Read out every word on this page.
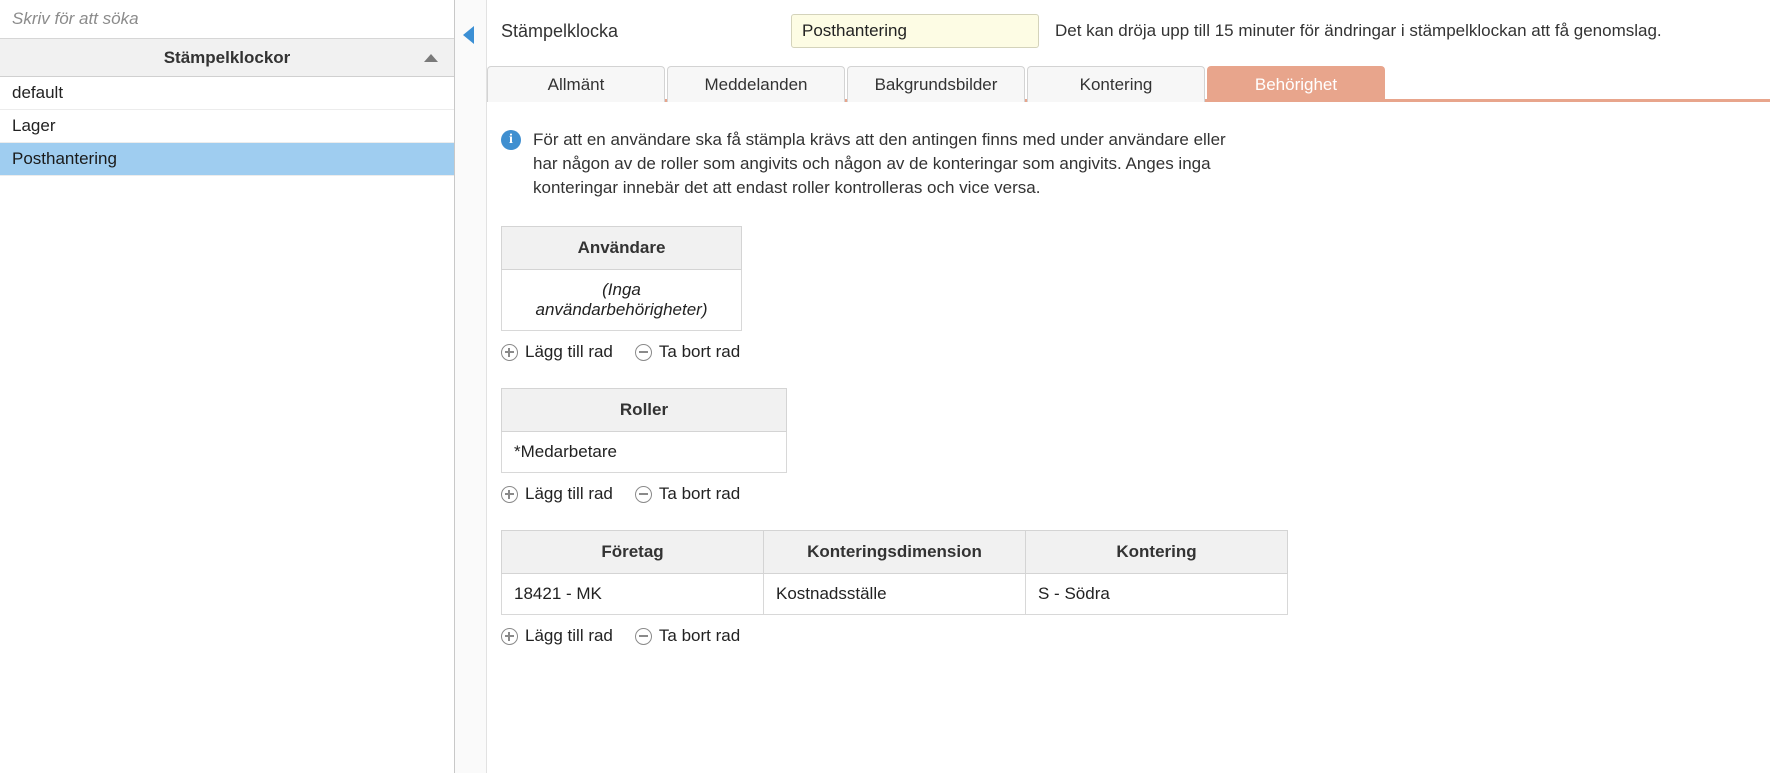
Skriv för att söka
Stämpelklockor
default
Lager
Posthantering
Stämpelklocka	Posthantering	Det kan dröja upp till 15 minuter för ändringar i stämpelklockan att få genomslag.
Allmänt	Meddelanden	Bakgrundsbilder	Kontering	Behörighet
i	För att en användare ska få stämpla krävs att den antingen finns med under användare eller har någon av de roller som angivits och någon av de konteringar som angivits. Anges inga konteringar innebär det att endast roller kontrolleras och vice versa.
Användare
(Inga användarbehörigheter)
Lägg till rad	Ta bort rad
Roller
*Medarbetare
Lägg till rad	Ta bort rad
Företag	Konteringsdimension	Kontering
18421 - MK	Kostnadsställe	S - Södra
Lägg till rad	Ta bort rad
